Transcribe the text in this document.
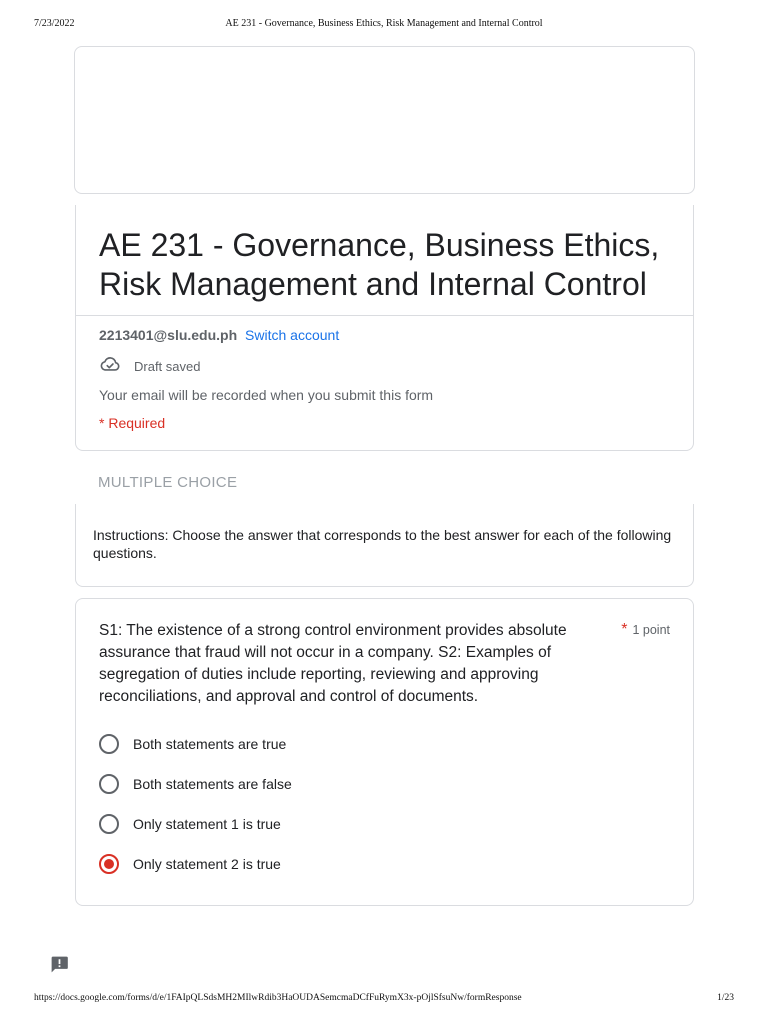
7/23/2022	AE 231 - Governance, Business Ethics, Risk Management and Internal Control
AE 231 - Governance, Business Ethics, Risk Management and Internal Control
2213401@slu.edu.ph Switch account
Draft saved
Your email will be recorded when you submit this form
* Required
MULTIPLE CHOICE
Instructions: Choose the answer that corresponds to the best answer for each of the following questions.
S1: The existence of a strong control environment provides absolute assurance that fraud will not occur in a company. S2: Examples of segregation of duties include reporting, reviewing and approving reconciliations, and approval and control of documents.
* 1 point
Both statements are true
Both statements are false
Only statement 1 is true
Only statement 2 is true
https://docs.google.com/forms/d/e/1FAIpQLSdsMH2MIlwRdib3HaOUDASemcmaDCfFuRymX3x-pOjlSfsuNw/formResponse	1/23
